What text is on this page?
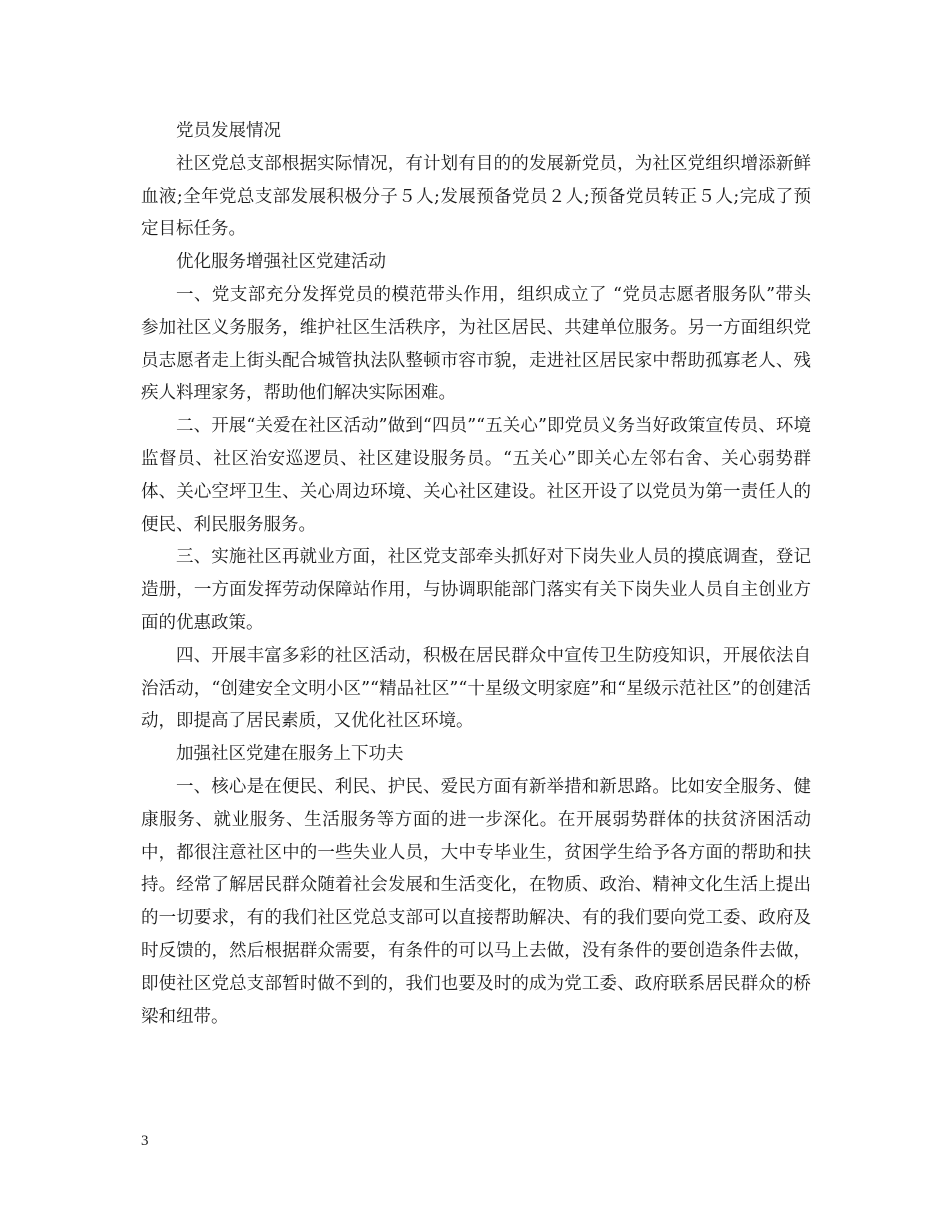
党员发展情况

社区党总支部根据实际情况，有计划有目的的发展新党员，为社区党组织增添新鲜血液;全年党总支部发展积极分子５人;发展预备党员２人;预备党员转正５人;完成了预定目标任务。

优化服务增强社区党建活动

一、党支部充分发挥党员的模范带头作用，组织成立了 “党员志愿者服务队”带头参加社区义务服务，维护社区生活秩序，为社区居民、共建单位服务。另一方面组织党员志愿者走上街头配合城管执法队整顿市容市貌，走进社区居民家中帮助孤寡老人、残疾人料理家务，帮助他们解决实际困难。

二、开展“关爱在社区活动”做到“四员”“五关心”即党员义务当好政策宣传员、环境监督员、社区治安巡逻员、社区建设服务员。“五关心”即关心左邻右舍、关心弱势群体、关心空坪卫生、关心周边环境、关心社区建设。社区开设了以党员为第一责任人的便民、利民服务服务。

三、实施社区再就业方面，社区党支部牵头抓好对下岗失业人员的摸底调查，登记造册，一方面发挥劳动保障站作用，与协调职能部门落实有关下岗失业人员自主创业方面的优惠政策。

四、开展丰富多彩的社区活动，积极在居民群众中宣传卫生防疫知识，开展依法自治活动，“创建安全文明小区”“精品社区”“十星级文明家庭”和“星级示范社区”的创建活动，即提高了居民素质，又优化社区环境。

加强社区党建在服务上下功夫

一、核心是在便民、利民、护民、爱民方面有新举措和新思路。比如安全服务、健康服务、就业服务、生活服务等方面的进一步深化。在开展弱势群体的扶贫济困活动中，都很注意社区中的一些失业人员，大中专毕业生，贫困学生给予各方面的帮助和扶持。经常了解居民群众随着社会发展和生活变化，在物质、政治、精神文化生活上提出的一切要求，有的我们社区党总支部可以直接帮助解决、有的我们要向党工委、政府及时反馈的，然后根据群众需要，有条件的可以马上去做，没有条件的要创造条件去做，即使社区党总支部暂时做不到的，我们也要及时的成为党工委、政府联系居民群众的桥梁和纽带。

3
